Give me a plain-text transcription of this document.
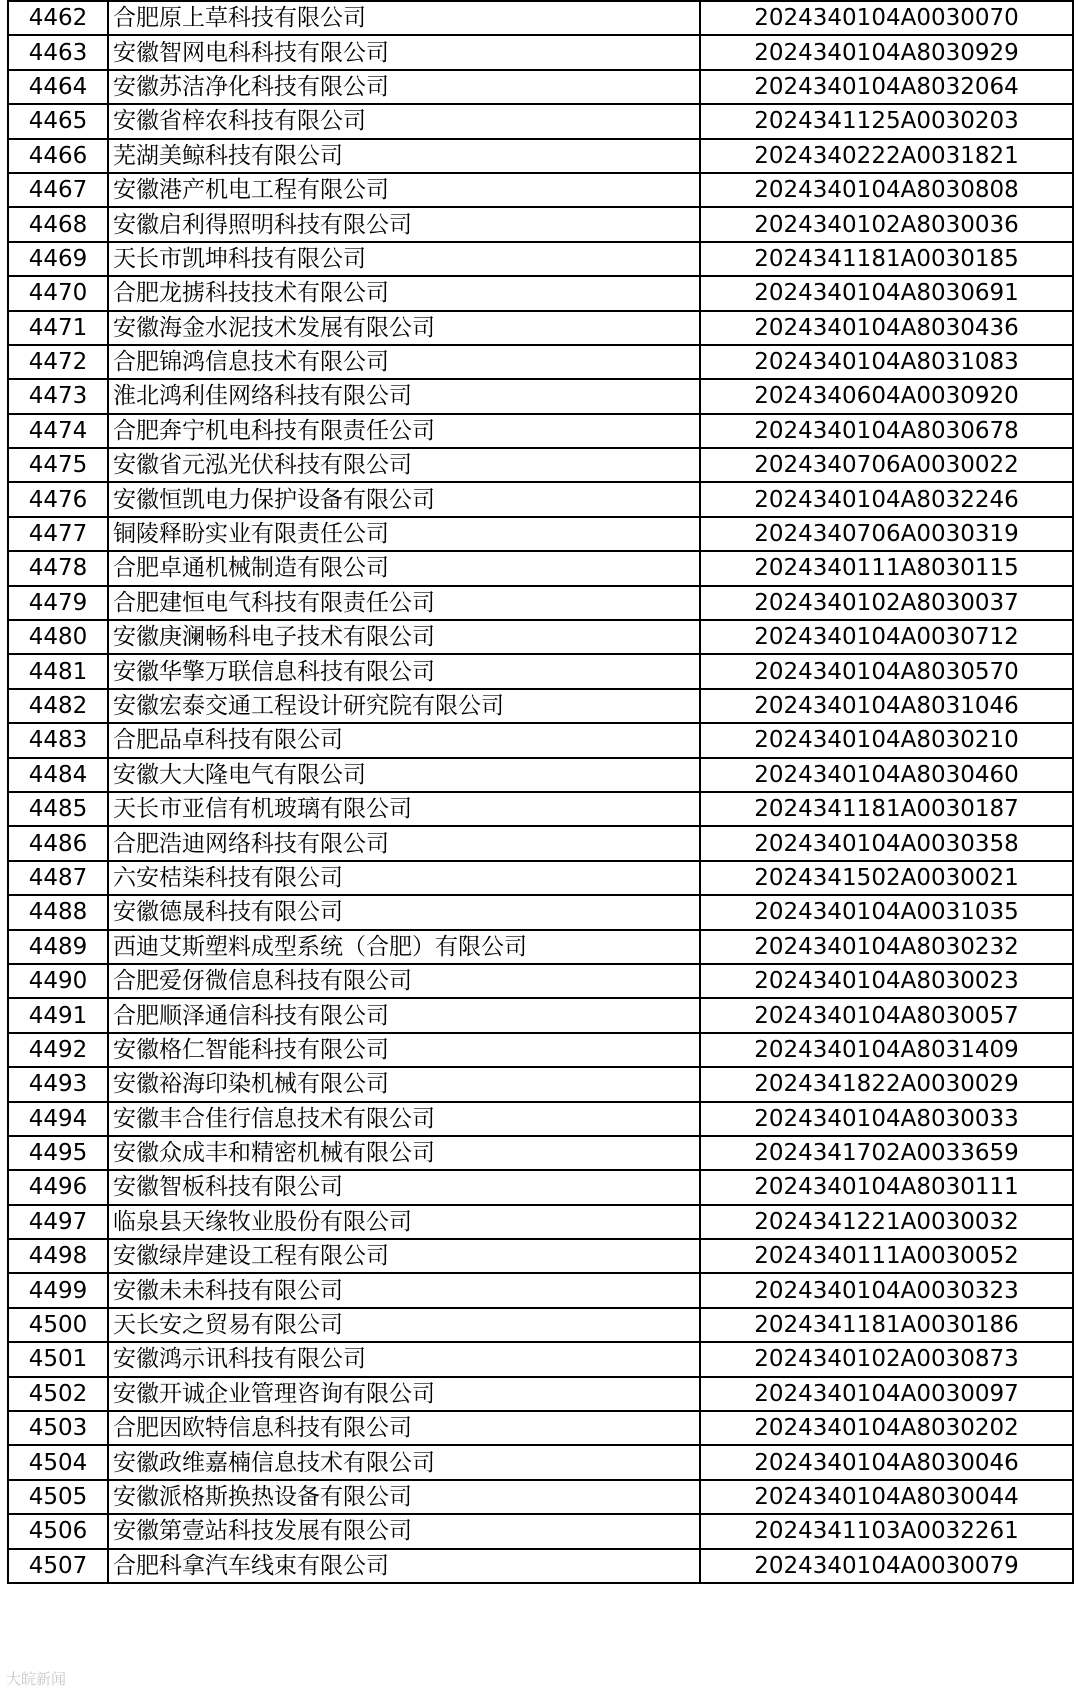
4462	合肥原上草科技有限公司	2024340104A0030070
4463	安徽智网电科科技有限公司	2024340104A8030929
4464	安徽苏洁净化科技有限公司	2024340104A8032064
4465	安徽省梓农科技有限公司	2024341125A0030203
4466	芜湖美鲸科技有限公司	2024340222A0031821
4467	安徽港产机电工程有限公司	2024340104A8030808
4468	安徽启利得照明科技有限公司	2024340102A8030036
4469	天长市凯坤科技有限公司	2024341181A0030185
4470	合肥龙掳科技技术有限公司	2024340104A8030691
4471	安徽海金水泥技术发展有限公司	2024340104A8030436
4472	合肥锦鸿信息技术有限公司	2024340104A8031083
4473	淮北鸿利佳网络科技有限公司	2024340604A0030920
4474	合肥奔宁机电科技有限责任公司	2024340104A8030678
4475	安徽省元泓光伏科技有限公司	2024340706A0030022
4476	安徽恒凯电力保护设备有限公司	2024340104A8032246
4477	铜陵释盼实业有限责任公司	2024340706A0030319
4478	合肥卓通机械制造有限公司	2024340111A8030115
4479	合肥建恒电气科技有限责任公司	2024340102A8030037
4480	安徽庚澜畅科电子技术有限公司	2024340104A0030712
4481	安徽华擎万联信息科技有限公司	2024340104A8030570
4482	安徽宏泰交通工程设计研究院有限公司	2024340104A8031046
4483	合肥品卓科技有限公司	2024340104A8030210
4484	安徽大大隆电气有限公司	2024340104A8030460
4485	天长市亚信有机玻璃有限公司	2024341181A0030187
4486	合肥浩迪网络科技有限公司	2024340104A0030358
4487	六安桔柒科技有限公司	2024341502A0030021
4488	安徽德晟科技有限公司	2024340104A0031035
4489	西迪艾斯塑料成型系统（合肥）有限公司	2024340104A8030232
4490	合肥爱伢微信息科技有限公司	2024340104A8030023
4491	合肥顺泽通信科技有限公司	2024340104A8030057
4492	安徽格仁智能科技有限公司	2024340104A8031409
4493	安徽裕海印染机械有限公司	2024341822A0030029
4494	安徽丰合佳行信息技术有限公司	2024340104A8030033
4495	安徽众成丰和精密机械有限公司	2024341702A0033659
4496	安徽智板科技有限公司	2024340104A8030111
4497	临泉县天缘牧业股份有限公司	2024341221A0030032
4498	安徽绿岸建设工程有限公司	2024340111A0030052
4499	安徽未未科技有限公司	2024340104A0030323
4500	天长安之贸易有限公司	2024341181A0030186
4501	安徽鸿示讯科技有限公司	2024340102A0030873
4502	安徽开诚企业管理咨询有限公司	2024340104A0030097
4503	合肥因欧特信息科技有限公司	2024340104A8030202
4504	安徽政维嘉楠信息技术有限公司	2024340104A8030046
4505	安徽派格斯换热设备有限公司	2024340104A8030044
4506	安徽第壹站科技发展有限公司	2024341103A0032261
4507	合肥科拿汽车线束有限公司	2024340104A0030079
大皖新闻
